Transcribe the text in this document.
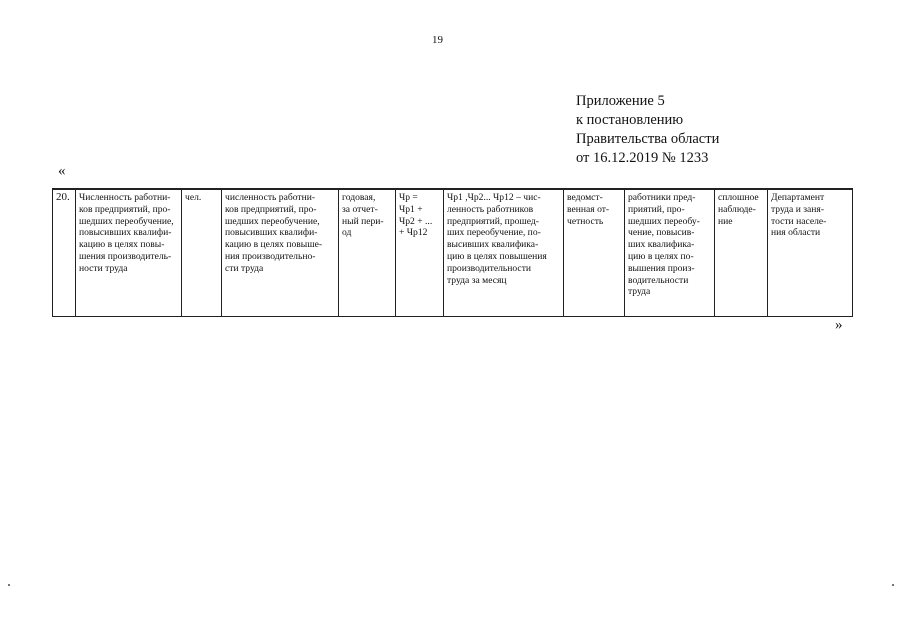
19
Приложение 5
к постановлению
Правительства области
от 16.12.2019 № 1233
«
20.	Численность работни-
ков предприятий, про-
шедших переобучение,
повысивших квалифи-
кацию в целях повы-
шения производитель-
ности труда	чел.	численность работни-
ков предприятий, про-
шедших переобучение,
повысивших квалифи-
кацию в целях повыше-
ния производительно-
сти труда	годовая,
за отчет-
ный пери-
од	Чр =
Чр1 +
Чр2 + ...
+ Чр12	Чр1 ,Чр2... Чр12 – чис-
ленность работников
предприятий, прошед-
ших переобучение, по-
высивших квалифика-
цию в целях повышения
производительности
труда за месяц	ведомст-
венная от-
четность	работники пред-
приятий, про-
шедших переобу-
чение, повысив-
ших квалифика-
цию в целях по-
вышения произ-
водительности
труда	сплошное
наблюде-
ние	Департамент
труда и заня-
тости населе-
ния области
»
